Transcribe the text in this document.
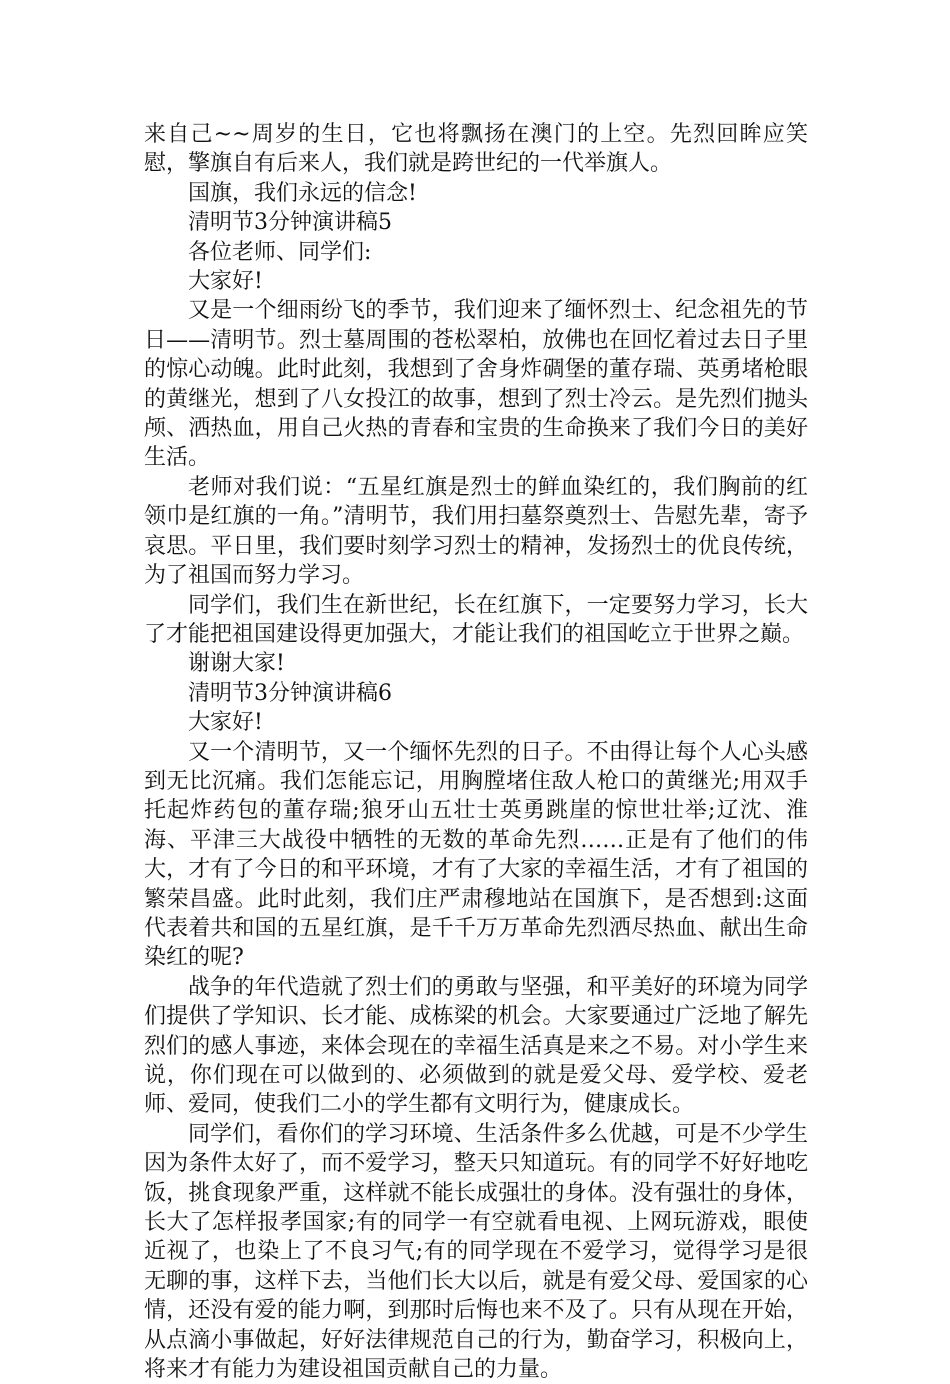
来自己~~周岁的生日，它也将飘扬在澳门的上空。先烈回眸应笑慰，擎旗自有后来人，我们就是跨世纪的一代举旗人。

国旗，我们永远的信念!

清明节3分钟演讲稿5

各位老师、同学们:

大家好!

又是一个细雨纷飞的季节，我们迎来了缅怀烈士、纪念祖先的节日——清明节。烈士墓周围的苍松翠柏，放佛也在回忆着过去日子里的惊心动魄。此时此刻，我想到了舍身炸碉堡的董存瑞、英勇堵枪眼的黄继光，想到了八女投江的故事，想到了烈士冷云。是先烈们抛头颅、洒热血，用自己火热的青春和宝贵的生命换来了我们今日的美好生活。

老师对我们说：“五星红旗是烈士的鲜血染红的，我们胸前的红领巾是红旗的一角。”清明节，我们用扫墓祭奠烈士、告慰先辈，寄予哀思。平日里，我们要时刻学习烈士的精神，发扬烈士的优良传统，为了祖国而努力学习。

同学们，我们生在新世纪，长在红旗下，一定要努力学习，长大了才能把祖国建设得更加强大，才能让我们的祖国屹立于世界之巅。

谢谢大家!

清明节3分钟演讲稿6

大家好!

又一个清明节，又一个缅怀先烈的日子。不由得让每个人心头感到无比沉痛。我们怎能忘记，用胸膛堵住敌人枪口的黄继光;用双手托起炸药包的董存瑞;狼牙山五壮士英勇跳崖的惊世壮举;辽沈、淮海、平津三大战役中牺牲的无数的革命先烈……正是有了他们的伟大，才有了今日的和平环境，才有了大家的幸福生活，才有了祖国的繁荣昌盛。此时此刻，我们庄严肃穆地站在国旗下，是否想到:这面代表着共和国的五星红旗，是千千万万革命先烈洒尽热血、献出生命染红的呢?

战争的年代造就了烈士们的勇敢与坚强，和平美好的环境为同学们提供了学知识、长才能、成栋梁的机会。大家要通过广泛地了解先烈们的感人事迹，来体会现在的幸福生活真是来之不易。对小学生来说，你们现在可以做到的、必须做到的就是爱父母、爱学校、爱老师、爱同，使我们二小的学生都有文明行为，健康成长。

同学们，看你们的学习环境、生活条件多么优越，可是不少学生因为条件太好了，而不爱学习，整天只知道玩。有的同学不好好地吃饭，挑食现象严重，这样就不能长成强壮的身体。没有强壮的身体，长大了怎样报孝国家;有的同学一有空就看电视、上网玩游戏，眼使近视了，也染上了不良习气;有的同学现在不爱学习，觉得学习是很无聊的事，这样下去，当他们长大以后，就是有爱父母、爱国家的心情，还没有爱的能力啊，到那时后悔也来不及了。只有从现在开始，从点滴小事做起，好好法律规范自己的行为，勤奋学习，积极向上，将来才有能力为建设祖国贡献自己的力量。
